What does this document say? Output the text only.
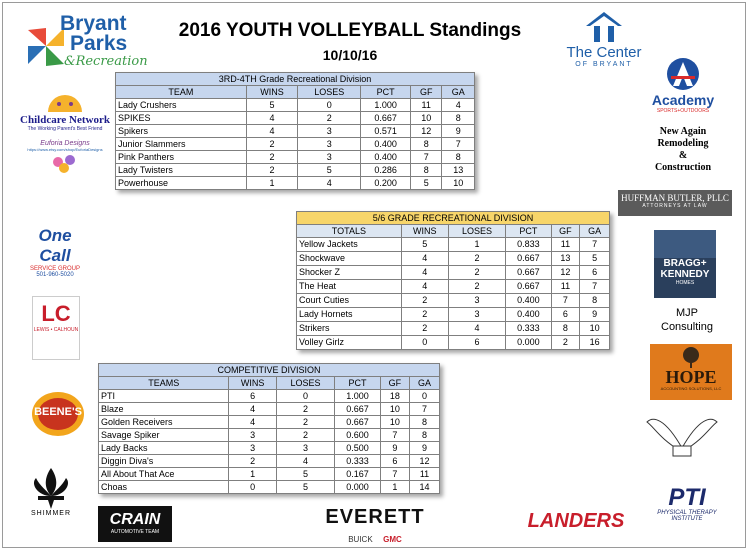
2016 YOUTH VOLLEYBALL Standings
10/10/16
3RD-4TH Grade Recreational Division					
TEAM	WINS	LOSES	PCT	GF	GA
Lady Crushers	5	0	1.000	11	4
SPIKES	4	2	0.667	10	8
Spikers	4	3	0.571	12	9
Junior Slammers	2	3	0.400	8	7
Pink Panthers	2	3	0.400	7	8
Lady Twisters	2	5	0.286	8	13
Powerhouse	1	4	0.200	5	10
5/6 GRADE RECREATIONAL DIVISION					
TOTALS	WINS	LOSES	PCT	GF	GA
Yellow Jackets	5	1	0.833	11	7
Shockwave	4	2	0.667	13	5
Shocker Z	4	2	0.667	12	6
The Heat	4	2	0.667	11	7
Court Cuties	2	3	0.400	7	8
Lady Hornets	2	3	0.400	6	9
Strikers	2	4	0.333	8	10
Volley Girlz	0	6	0.000	2	16
COMPETITIVE DIVISION					
TEAMS	WINS	LOSES	PCT	GF	GA
PTI	6	0	1.000	18	0
Blaze	4	2	0.667	10	7
Golden Receivers	4	2	0.667	10	8
Savage Spiker	3	2	0.600	7	8
Lady Backs	3	3	0.500	9	9
Diggin Diva's	2	4	0.333	6	12
All About That Ace	1	5	0.167	7	11
Choas	0	5	0.000	1	14
Bryant
Parks
&Recreation
The Center
OF BRYANT
Academy
SPORTS+OUTDOORS
New Again
Remodeling
&
Construction
Childcare Network
The Working Parent's Best Friend
Euforia Designs
https://www.etsy.com/shop/EuforiaDesigns
HUFFMAN BUTLER, PLLC
ATTORNEYS AT LAW
One Call
SERVICE GROUP
501-960-5020
BRAGG+
KENNEDY
HOMES
MJP
Consulting
LC
LEWIS • CALHOUN
HOPE
ACCOUNTING SOLUTIONS, LLC
BEENE'S
SHIMMER	CRAIN
AUTOMOTIVE TEAM
EVERETT
BUICK GMC
LANDERS
PTI
PHYSICAL THERAPY
INSTITUTE
